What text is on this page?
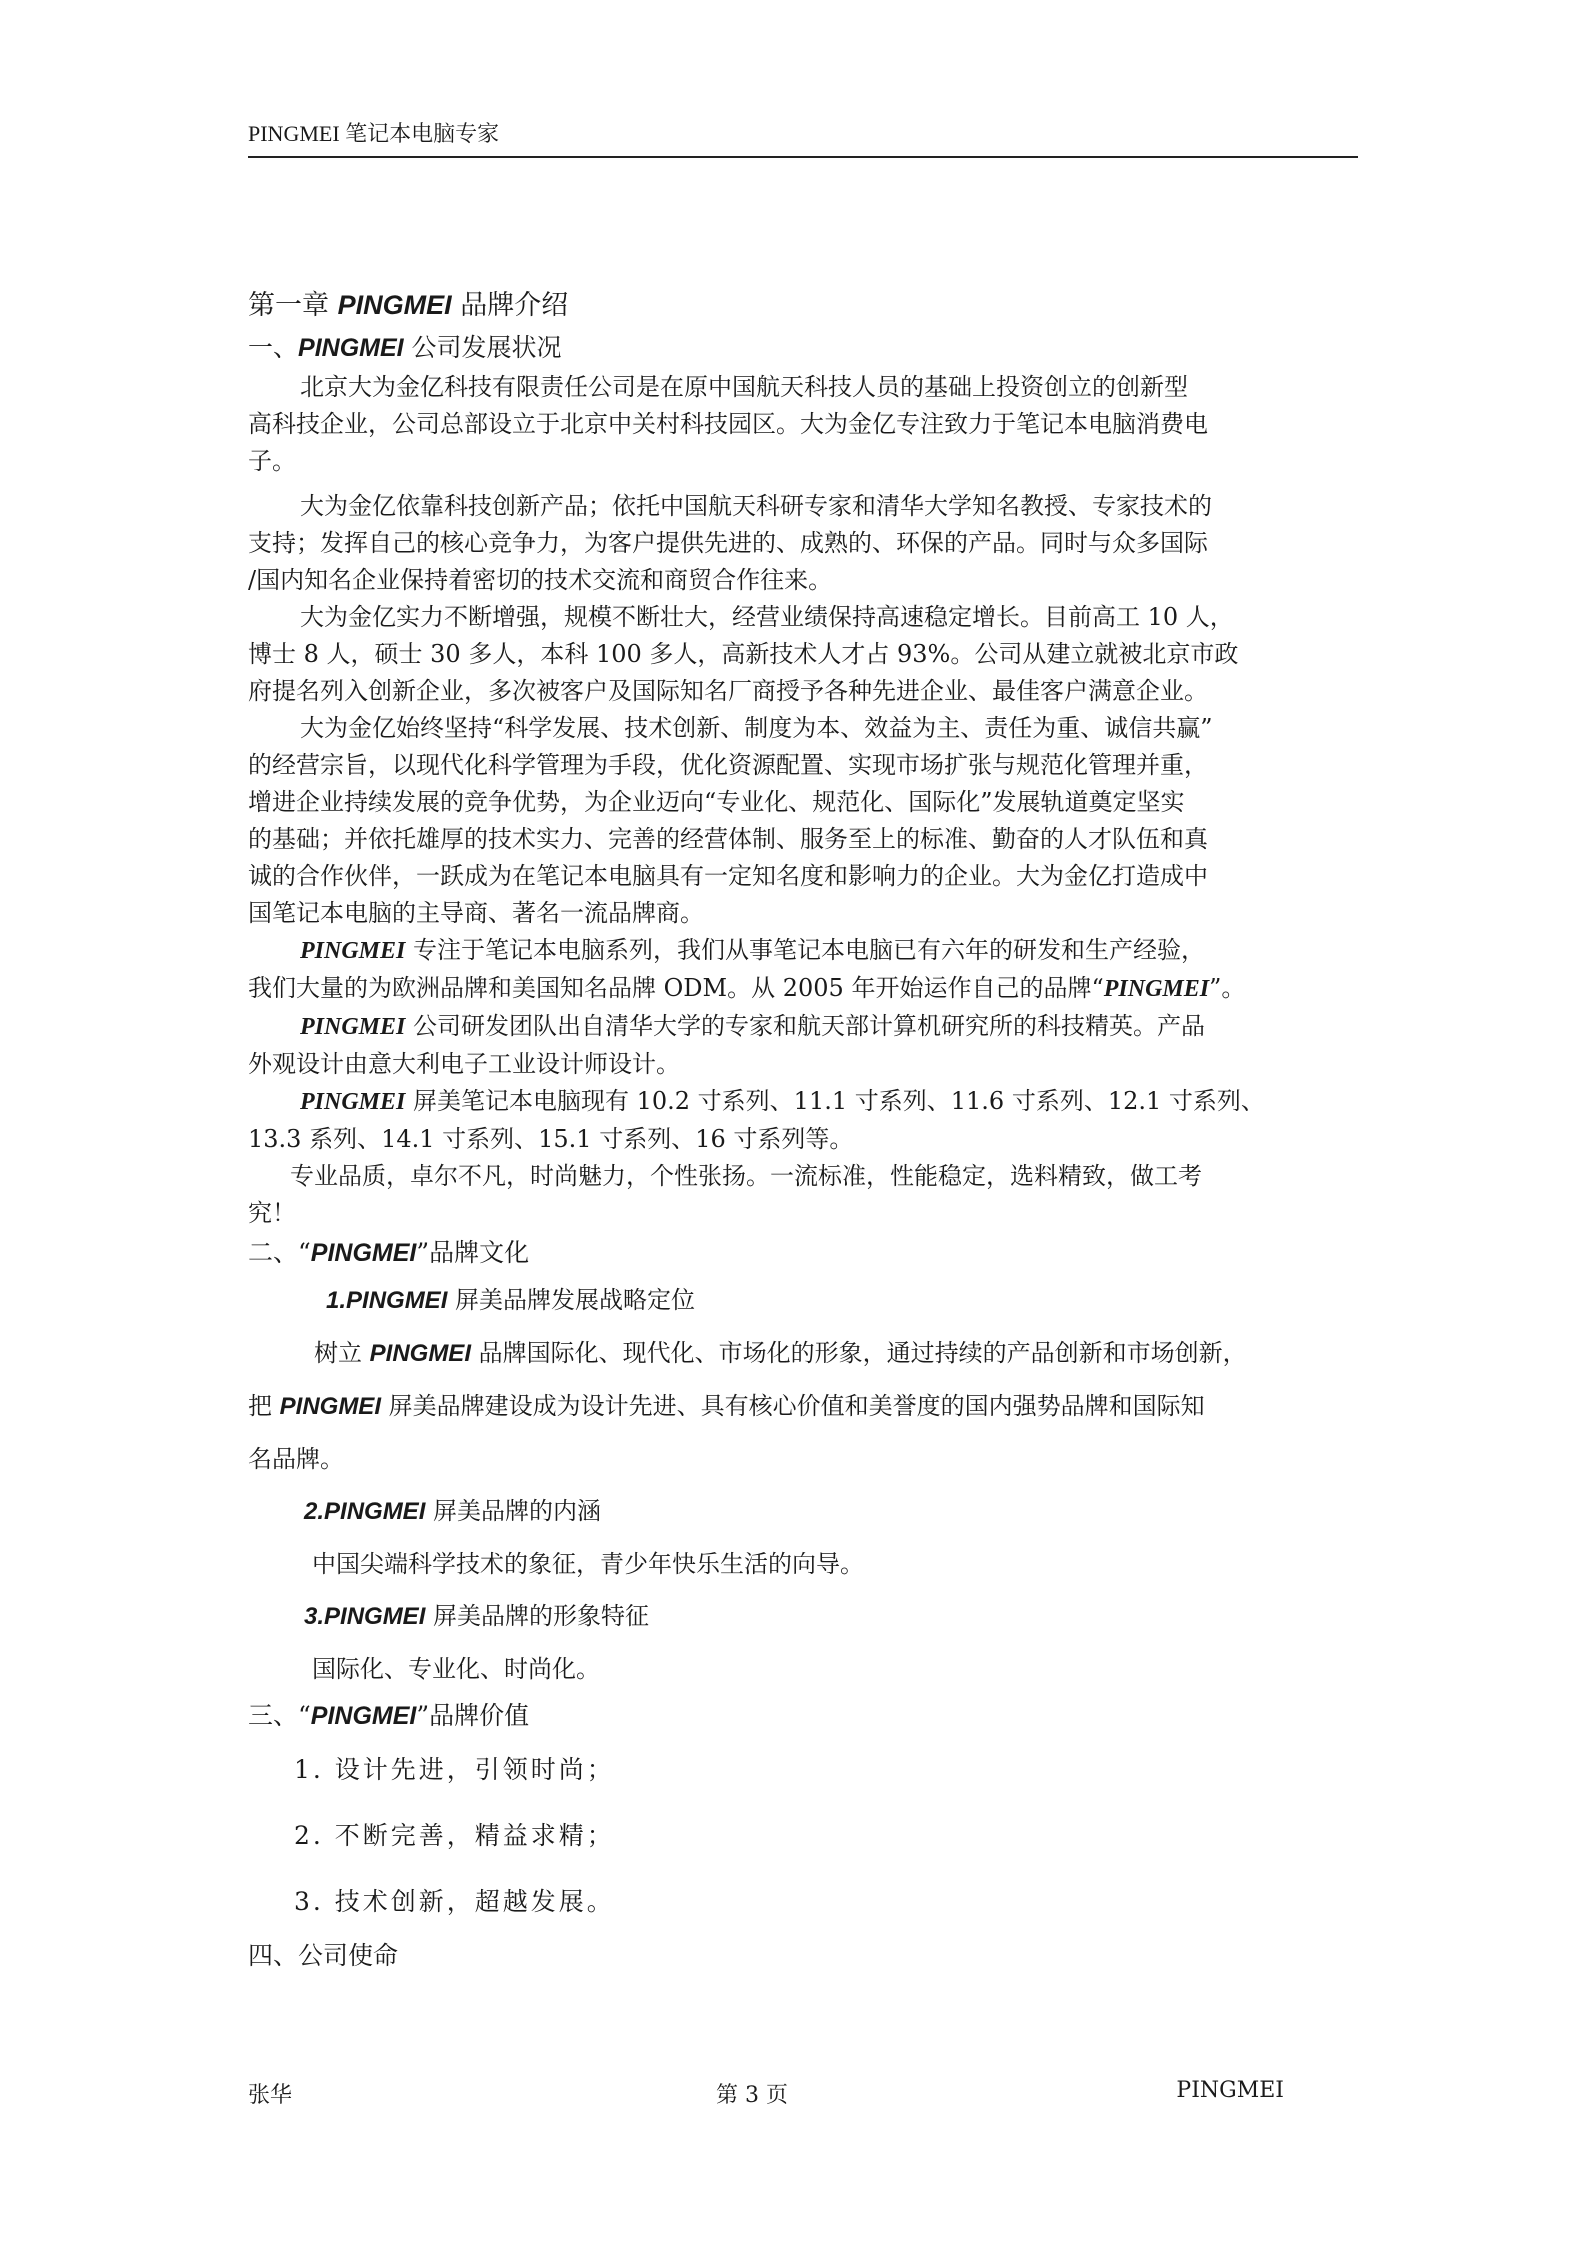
PINGMEI 笔记本电脑专家
第一章 PINGMEI 品牌介绍
一、PINGMEI 公司发展状况
北京大为金亿科技有限责任公司是在原中国航天科技人员的基础上投资创立的创新型
高科技企业，公司总部设立于北京中关村科技园区。大为金亿专注致力于笔记本电脑消费电
子。
大为金亿依靠科技创新产品；依托中国航天科研专家和清华大学知名教授、专家技术的
支持；发挥自己的核心竞争力，为客户提供先进的、成熟的、环保的产品。同时与众多国际
/国内知名企业保持着密切的技术交流和商贸合作往来。
大为金亿实力不断增强，规模不断壮大，经营业绩保持高速稳定增长。目前高工 10 人，
博士 8 人，硕士 30 多人，本科 100 多人，高新技术人才占 93%。公司从建立就被北京市政
府提名列入创新企业，多次被客户及国际知名厂商授予各种先进企业、最佳客户满意企业。
大为金亿始终坚持“科学发展、技术创新、制度为本、效益为主、责任为重、诚信共赢”
的经营宗旨，以现代化科学管理为手段，优化资源配置、实现市场扩张与规范化管理并重，
增进企业持续发展的竞争优势，为企业迈向“专业化、规范化、国际化”发展轨道奠定坚实
的基础；并依托雄厚的技术实力、完善的经营体制、服务至上的标准、勤奋的人才队伍和真
诚的合作伙伴，一跃成为在笔记本电脑具有一定知名度和影响力的企业。大为金亿打造成中
国笔记本电脑的主导商、著名一流品牌商。
PINGMEI 专注于笔记本电脑系列，我们从事笔记本电脑已有六年的研发和生产经验，
我们大量的为欧洲品牌和美国知名品牌 ODM。从 2005 年开始运作自己的品牌“PINGMEI”。
PINGMEI 公司研发团队出自清华大学的专家和航天部计算机研究所的科技精英。产品
外观设计由意大利电子工业设计师设计。
PINGMEI 屏美笔记本电脑现有 10.2 寸系列、11.1 寸系列、11.6 寸系列、12.1 寸系列、
13.3 系列、14.1 寸系列、15.1 寸系列、16 寸系列等。
专业品质，卓尔不凡，时尚魅力，个性张扬。一流标准，性能稳定，选料精致，做工考
究！
二、“PINGMEI”品牌文化
1.PINGMEI 屏美品牌发展战略定位
树立 PINGMEI 品牌国际化、现代化、市场化的形象，通过持续的产品创新和市场创新，
把 PINGMEI 屏美品牌建设成为设计先进、具有核心价值和美誉度的国内强势品牌和国际知
名品牌。
2.PINGMEI 屏美品牌的内涵
中国尖端科学技术的象征，青少年快乐生活的向导。
3.PINGMEI 屏美品牌的形象特征
国际化、专业化、时尚化。
三、“PINGMEI”品牌价值
1. 设计先进，引领时尚；
2. 不断完善，精益求精；
3. 技术创新，超越发展。
四、公司使命
张华	第 3 页	PINGMEI
